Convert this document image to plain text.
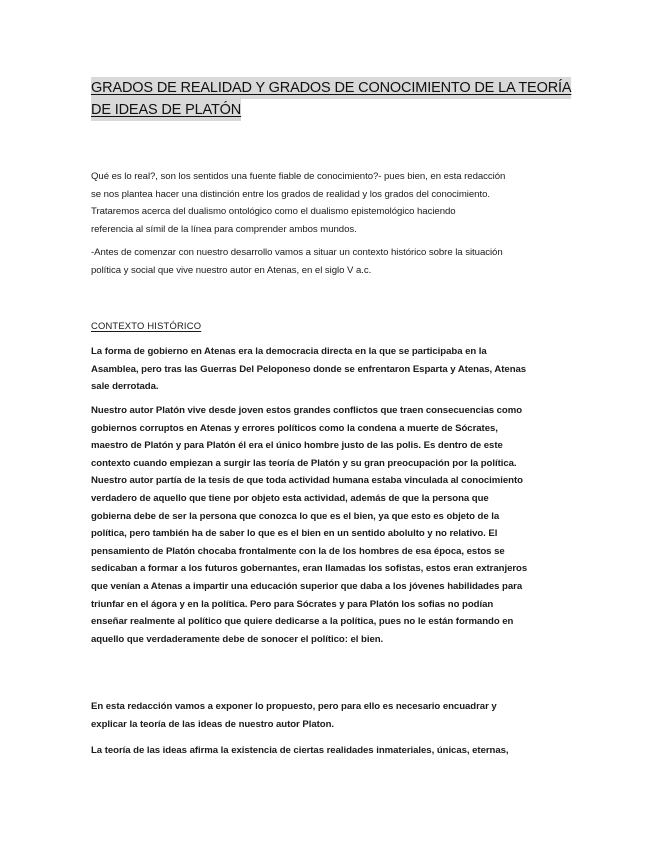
GRADOS DE REALIDAD Y GRADOS DE CONOCIMIENTO DE LA TEORÍA
DE IDEAS DE PLATÓN
Qué es lo real?, son los sentidos una fuente fiable de conocimiento?- pues bien, en esta redacción
se nos plantea hacer una distinción entre los grados de realidad y los grados del conocimiento.
Trataremos acerca del dualismo ontológico como el dualismo epistemológico haciendo
referencia al símil de la línea para comprender ambos mundos.
-Antes de comenzar con nuestro desarrollo vamos a situar un contexto histórico sobre la situación
política y social que vive nuestro autor en Atenas, en el siglo V a.c.
CONTEXTO HISTÓRICO
La forma de gobierno en Atenas era la democracia directa en la que se participaba en la
Asamblea, pero tras las Guerras Del Peloponeso donde se enfrentaron Esparta y Atenas, Atenas
sale derrotada.
Nuestro autor Platón vive desde joven estos grandes conflictos que traen consecuencias como
gobiernos corruptos en Atenas y errores políticos como la condena a muerte de Sócrates,
maestro de Platón y para Platón él era el único hombre justo de las polis. Es dentro de este
contexto cuando empiezan a surgir las teoría de Platón y su gran preocupación por la política.
Nuestro autor partía de la tesis de que toda actividad humana estaba vinculada al conocimiento
verdadero de aquello que tiene por objeto esta actividad, además de que la persona que
gobierna debe de ser la persona que conozca lo que es el bien, ya que esto es objeto de la
política, pero también ha de saber lo que es el bien en un sentido abolulto y no relativo. El
pensamiento de Platón chocaba frontalmente con la de los hombres de esa época, estos se
sedicaban a formar a los futuros gobernantes, eran llamadas los sofistas, estos eran extranjeros
que venían a Atenas a impartir una educación superior que daba a los jóvenes habilidades para
triunfar en el ágora y en la política. Pero para Sócrates y para Platón los sofias no podían
enseñar realmente al político que quiere dedicarse a la política, pues no le están formando en
aquello que verdaderamente debe de sonocer el político: el bien.
En esta redacción vamos a exponer lo propuesto, pero para ello es necesario encuadrar y
explicar la teoría de las ideas de nuestro autor Platon.
La teoría de las ideas afirma la existencia de ciertas realidades inmateriales, únicas, eternas,
